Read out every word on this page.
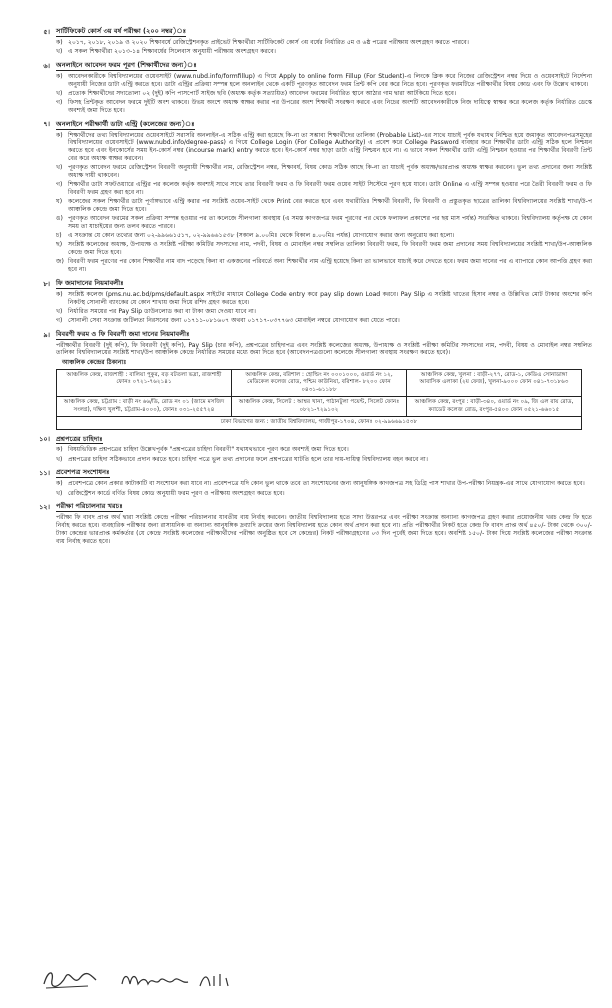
৫। সার্টিফিকেট কোর্স ৩য় বর্ষ পরীক্ষা (২০০ নম্বর)ঃ
ক) ২০১৭, ২০১৮, ২০১৯ ও ২০২০ শিক্ষাবর্ষে রেজিস্ট্রেশনকৃত প্রাইভেট শিক্ষার্থীরা সার্টিফিকেট কোর্স ৩য় বর্ষের নির্ধারিত ৫ম ও ৬ষ্ঠ পত্রের পরীক্ষায় অংশগ্রহণ করতে পারবে।
খ) এ সকল শিক্ষার্থীরা ২০১৩-১৪ শিক্ষাবর্ষের সিলেবাস অনুযায়ী পরীক্ষায় অংশগ্রহণ করবে।
৬। অনলাইনে আবেদন ফরম পূরণ (শিক্ষার্থীদের জন্য)ঃ
ক) আবেদনকারীকে বিশ্ববিদ্যালয়ের ওয়েবসাইট (www.nubd.info/formfillup) এ গিয়ে Apply to online form Fillup (For Student)-এ লিংকে ক্লিক করে নিজের রেজিস্ট্রেশন নম্বর দিয়ে ও ওয়েবসাইটে নির্দেশনা অনুযায়ী নিজের ডাটা এন্ট্রি করতে হবে। ডাটা এন্ট্রির প্রক্রিয়া সম্পন্ন হলে অনলাইন থেকে একটি পূরণকৃত আবেদন ফরম প্রিন্ট কপি বের করে নিতে হবে। পূরণকৃত ফরমটিতে পরীক্ষার্থীর বিষয় কোড এবং ফি উল্লেখ থাকবে।
খ) প্রত্যেক শিক্ষার্থীদের সদ্যতোলা ০২ (দুই) কপি পাসপোর্ট সাইজ ছবি (অধ্যক্ষ কর্তৃক সত্যায়িত) আবেদন ফরমের নির্ধারিত স্থানে আঠার গাম দ্বারা আটকিয়ে দিতে হবে।
গ) ফিসহ প্রিন্টকৃত আবেদন ফরমে দুইটি অংশ থাকবে। উভয় অংশে অধ্যক্ষ স্বাক্ষর করার পর উপরের অংশ শিক্ষার্থী সংরক্ষণ করবে এবং নিচের অংশটি আবেদনকারীকে নিজ দায়িত্বে স্বাক্ষর করে কলেজ কর্তৃক নির্ধারিত ডেস্কে অবশ্যই জমা দিতে হবে।
৭। অনলাইনে পরীক্ষার্থী ডাটা এন্ট্রি (কলেজের জন্য)ঃ
ক) শিক্ষার্থীদের তথ্য বিশ্ববিদ্যালয়ের ওয়েবসাইটে সরাসরি অনলাইন-এ সঠিক এন্ট্রি করা হয়েছে কি-না তা সম্ভাব্য শিক্ষার্থীদের তালিকা (Probable List)-এর সাথে যাচাই পূর্বক যথাযথ নিশ্চিত হয়ে জমাকৃত আবেদনপত্রসমূহের বিশ্ববিদ্যালয়ের ওয়েবসাইটে (www.nubd.info/degree-pass) এ গিয়ে College Login (For College Authority) এ প্রবেশ করে College Password ব্যবহার করে শিক্ষার্থীর ডাটা এন্ট্রি সঠিক হলে নিশ্চয়ন করতে হবে এবং ইনকোর্সের সময় ইন-কোর্স নম্বর (incourse mark) entry করতে হবে। ইন-কোর্স নম্বর ছাড়া ডাটা এন্ট্রি নিশ্চয়ন হবে না। এ ভাবে সকল শিক্ষার্থীর ডাটা এন্ট্রি নিশ্চয়ন হওয়ার পর শিক্ষার্থীর বিবরণী প্রিন্ট বের করে অধ্যক্ষ স্বাক্ষর করবেন।
খ) পূরণকৃত আবেদন ফরমে রেজিস্ট্রেশন বিবরণী অনুযায়ী শিক্ষার্থীর নাম, রেজিস্ট্রেশন নম্বর, শিক্ষাবর্ষ, বিষয় কোড সঠিক আছে কি-না তা যাচাই পূর্বক অধ্যক্ষ/ভারপ্রাপ্ত অধ্যক্ষ স্বাক্ষর করবেন। ভুল তথ্য প্রদানের জন্য সংশ্লিষ্ট অধ্যক্ষ দায়ী থাকবেন।
গ) শিক্ষার্থীর ডাটা সফটওয়্যারে এন্ট্রির পর কলেজ কর্তৃক অবশ্যই সাথে সাথে তার বিবরণী ফরম ও ফি বিবরণী ফরম ওয়েব সাইট সিস্টেমে পূরণ হয়ে যাবে। ডাটা Online এ এন্ট্রি সম্পন্ন হওয়ার পরে তৈরী বিবরণী ফরম ও ফি বিবরণী ফরম গ্রহণ করা হবে না।
ঘ) কলেজের সকল শিক্ষার্থীর ডাটা পূর্ণাঙ্গভাবে এন্ট্রি করার পর সংশ্লিষ্ট ওয়েব-সাইট থেকে Print বের করতে হবে এবং যথারীতিঃ শিক্ষার্থী বিবরণী, ফি বিবরণী ও প্রস্তুতকৃত ছাত্রের তালিকা বিশ্ববিদ্যালয়ের সংশ্লিষ্ট শাখা/উ-প আঞ্চলিক কেন্দ্রে জমা দিতে হবে।
ঙ) পূরণকৃত আবেদন ফরমের সকল প্রক্রিয়া সম্পন্ন হওয়ার পর তা কলেজে সীলগালা অবস্থায় (এ সমস্ত কাগজপত্র ফরম পূরণের পর থেকে ফলাফল প্রকাশের পর ছয় মাস পর্যন্ত) সংরক্ষিত থাকবে। বিশ্ববিদ্যালয় কর্তৃপক্ষ যে কোন সময় তা যাচাইয়ের জন্য তলব করতে পারবে।
চ)	এ সংক্রান্ত যে কোন তথ্যের জন্য ০২-৯৯৬৬১৫১৭, ০২-৯৯৬৬১৫৩৮ (সকাল ৯.০০মিঃ থেকে বিকাল ৪.০০মিঃ পর্যন্ত) যোগাযোগ করার জন্য অনুরোধ করা হলো।
ছ) সংশ্লিষ্ট কলেজের অধ্যক্ষ, উপাধ্যক্ষ ও সংশ্লিষ্ট পরীক্ষা কমিটির সদস্যদের নাম, পদবী, বিষয় ও মোবাইল নম্বর সম্বলিত তালিকা বিবরণী ফরম, ফি বিবরণী ফরম জমা প্রদানের সময় বিশ্ববিদ্যালয়ের সংশ্লিষ্ট শাখা/উপ-আঞ্চলিক কেন্দ্রে জমা দিতে হবে।
জ) বিবরণী ফরম পূরণের পর কোন শিক্ষার্থীর নাম বাদ পড়েছে কিনা বা একজনের পরিবর্তে অন্য শিক্ষার্থীর নাম এন্ট্রি হয়েছে কিনা তা ভালভাবে যাচাই করে দেখতে হবে। ফরম জমা দানের পর এ ব্যাপারে কোন আপত্তি গ্রহণ করা হবে না।
৮। ফি জমাদানের নিয়মাবলীঃ
ক) সংশ্লিষ্ট কলেজ (pms.nu.ac.bd/pms/default.aspx সাইটের মাধ্যমে College Code entry করে pay slip down Load করবে। Pay Slip এ সংশ্লিষ্ট খাতের হিসাব নম্বর ও উল্লিখিত মোট টাকার অংশের কপি নিকটস্থ সোনালী ব্যাংকের যে কোন শাখায় জমা দিয়ে রশিদ গ্রহণ করতে হবে।
খ) নির্ধারিত সময়ের পর Pay Slip ডাউনলোড করা বা টাকা জমা দেওয়া যাবে না।
গ) সোনালী সেবা সংক্রান্ত জটিলতা নিরসনের জন্য ০১৭১১-০৮১৬০৭ অথবা ০১৭১৭-০৩৭৭৬৩ মোবাইল নম্বরে যোগাযোগ করা যেতে পারে।
৯। বিবরণী ফরম ও ফি বিবরণী জমা দানের নিয়মাবলীঃ
পরীক্ষার্থীর বিবরণী (দুই কপি), ফি বিবরণী (দুই কপি), Pay Slip (চার কপি), প্রশ্নপত্রের চাহিদাপত্র এবং সংশ্লিষ্ট কলেজের অধ্যক্ষ, উপাধ্যক্ষ ও সংশ্লিষ্ট পরীক্ষা কমিটির সদস্যদের নাম, পদবী, বিষয় ও মোবাইল নম্বর সম্বলিত তালিকা বিশ্ববিদ্যালয়ের সংশ্লিষ্ট শাখা/উপ আঞ্চলিক কেন্দ্রে নির্ধারিত সময়ের মধ্যে জমা দিতে হবে (আবেদনপত্রগুলো কলেজে সীলগালা অবস্থায় সংরক্ষণ করতে হবে)।
আঞ্চলিক কেন্দ্রের ঠিকানাঃ
আঞ্চলিক কেন্দ্র, রাজশাহী : বালিয়া পুকুর, বড় বটতলা ভদ্রা, রাজশাহী ফোনঃ ০৭২১-৭৬২১৪১	আঞ্চলিক কেন্দ্র, বরিশাল : হোল্ডিং নং ০০০১০০০, ওয়ার্ড নং ১২, মেডিকেল কলেজ রোড, পশ্চিম কাউনিয়া, বরিশাল- ৮২০০ ফোন ০৪৩১-৬১১৮৮	আঞ্চলিক কেন্দ্র, খুলনা : বাড়ী-২৭৭, রোড-১, কেডিএ সোনাডাঙ্গা আবাসিক এলাকা (২য় ফেজ), খুলনা-৯০০০ ফোন ০৪১-৭৩১৮৬৩
আঞ্চলিক কেন্দ্র, চট্টগ্রাম : বাড়ী নং ৬৬/ডি, রোড নং ০১ (জামে মসজিদ সংলগ্ন), দক্ষিণ খুলশী, চট্টগ্রাম-৪০০০), ফোনঃ ০৩১-২৫৫৭২৪	আঞ্চলিক কেন্দ্র, সিলেট : আম্বর খানা, পাঠানটুলা পয়েন্ট, সিলেট ফোনঃ ০৮২১-৭২৯১০২	আঞ্চলিক কেন্দ্র, রংপুর : বাড়ী-৩৪০, ওয়ার্ড নং ০৯, জি এল রায় রোড, ক্যাডেট কলেজ রোড, রংপুর-৫৪০০ ফোন ০৫২১-৬৬০১৫
ঢাকা বিভাগের জন্য : জাতীয় বিশ্ববিদ্যালয়, গাজীপুর-১৭০৪, ফোনঃ ০২-৯৯৬৬৯১৫৩৮		
১০। প্রশ্নপত্রের চাহিদাঃ
ক) বিষয়ভিত্তিক প্রশ্নপত্রের চাহিদা উল্লেখপূর্বক "প্রশ্নপত্রের চাহিদা বিবরণী" যথাযথভাবে পূরণ করে অবশ্যই জমা দিতে হবে।
খ) প্রশ্নপত্রের চাহিদা সঠিকভাবে প্রদান করতে হবে। চাহিদা পত্রে ভুল তথ্য প্রদানের ফলে প্রশ্নপত্রের ঘাটতি হলে তার দায়-দায়িত্ব বিশ্ববিদ্যালয় বহন করবে না।
১১। প্রবেশপত্র সংশোধনঃ
ক) প্রবেশপত্রে কোন প্রকার কাটাকাটি বা সংশোধন করা যাবে না। প্রবেশপত্রে যদি কোন ভুল থাকে তবে তা সংশোধনের জন্য আনুষঙ্গিক কাগজপত্র সহ ডিগ্রি পাস শাখার উপ-পরীক্ষা নিয়ন্ত্রক-এর সাথে যোগাযোগ করতে হবে।
খ) রেজিস্ট্রেশন কার্ডে বর্ণিত বিষয় কোড অনুযায়ী ফরম পূরণ ও পরীক্ষায় অংশগ্রহণ করতে হবে।
১২। পরীক্ষা পরিচালনার খরচঃ
পরীক্ষা ফি বাবদ প্রাপ্ত অর্থ দ্বারা সংশ্লিষ্ট কেন্দ্রে পরীক্ষা পরিচালনার যাবতীয় ব্যয় নির্বাহ করবেন। জাতীয় বিশ্ববিদ্যালয় হতে সাদা উত্তরপত্র এবং পরীক্ষা সংক্রান্ত অন্যান্য কাগজপত্র গ্রহণ করার প্রয়োজনীয় খরচ কেন্দ্র ফি হতে নির্বাহ করতে হবে। ব্যবহারিক পরীক্ষার জন্য রাসায়নিক বা অন্যান্য আনুষঙ্গিক দ্রব্যাদি ক্রয়ের জন্য বিশ্ববিদ্যালয় হতে কোন অর্থ প্রদান করা হবে না। প্রতি পরীক্ষার্থীর নিকট হতে কেন্দ্র ফি বাবদ প্রাপ্ত অর্থ ৪৫০/- টাকা থেকে ৩০০/- টাকা কেন্দ্রের ভারপ্রাপ্ত কর্মকর্তার (যে কেন্দ্রে সংশ্লিষ্ট কলেজের পরীক্ষার্থীদের পরীক্ষা অনুষ্ঠিত হবে সে কেন্দ্রের) নিকট পরীক্ষাগ্রহণের ০৩ দিন পূর্বেই জমা দিতে হবে। অবশিষ্ট ১৫০/- টাকা দিয়ে সংশ্লিষ্ট কলেজের পরীক্ষা সংক্রান্ত ব্যয় নির্বাহ করতে হবে।
